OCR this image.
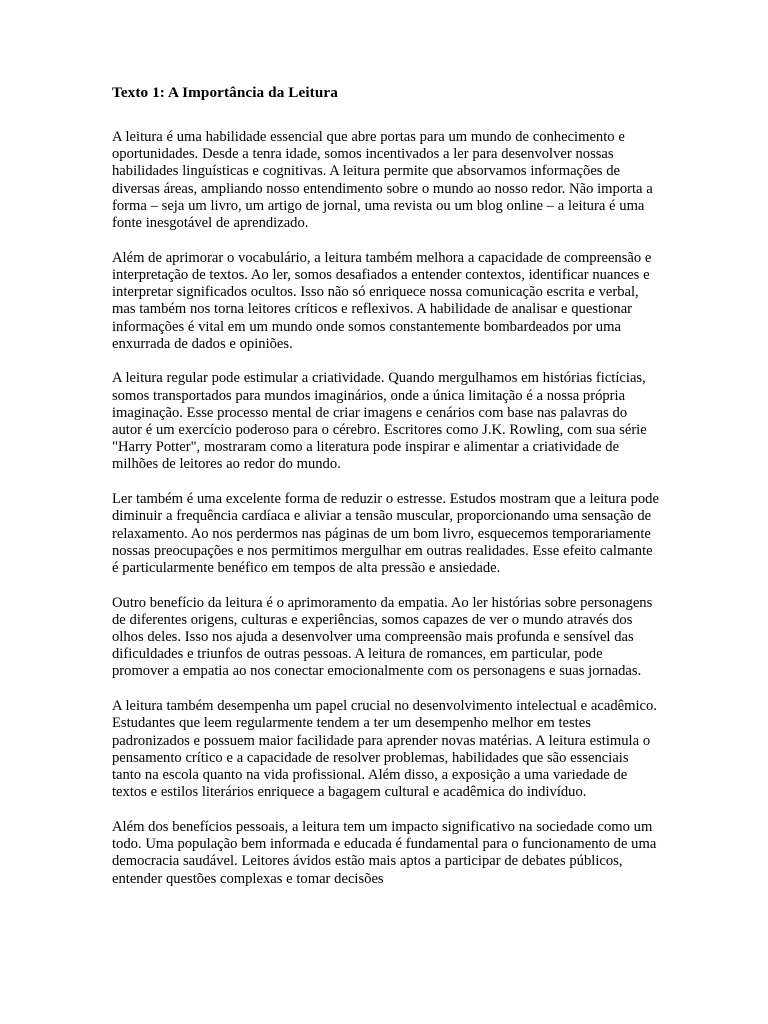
Texto 1: A Importância da Leitura

A leitura é uma habilidade essencial que abre portas para um mundo de conhecimento e oportunidades. Desde a tenra idade, somos incentivados a ler para desenvolver nossas habilidades linguísticas e cognitivas. A leitura permite que absorvamos informações de diversas áreas, ampliando nosso entendimento sobre o mundo ao nosso redor. Não importa a forma – seja um livro, um artigo de jornal, uma revista ou um blog online – a leitura é uma fonte inesgotável de aprendizado.

Além de aprimorar o vocabulário, a leitura também melhora a capacidade de compreensão e interpretação de textos. Ao ler, somos desafiados a entender contextos, identificar nuances e interpretar significados ocultos. Isso não só enriquece nossa comunicação escrita e verbal, mas também nos torna leitores críticos e reflexivos. A habilidade de analisar e questionar informações é vital em um mundo onde somos constantemente bombardeados por uma enxurrada de dados e opiniões.

A leitura regular pode estimular a criatividade. Quando mergulhamos em histórias fictícias, somos transportados para mundos imaginários, onde a única limitação é a nossa própria imaginação. Esse processo mental de criar imagens e cenários com base nas palavras do autor é um exercício poderoso para o cérebro. Escritores como J.K. Rowling, com sua série "Harry Potter", mostraram como a literatura pode inspirar e alimentar a criatividade de milhões de leitores ao redor do mundo.

Ler também é uma excelente forma de reduzir o estresse. Estudos mostram que a leitura pode diminuir a frequência cardíaca e aliviar a tensão muscular, proporcionando uma sensação de relaxamento. Ao nos perdermos nas páginas de um bom livro, esquecemos temporariamente nossas preocupações e nos permitimos mergulhar em outras realidades. Esse efeito calmante é particularmente benéfico em tempos de alta pressão e ansiedade.

Outro benefício da leitura é o aprimoramento da empatia. Ao ler histórias sobre personagens de diferentes origens, culturas e experiências, somos capazes de ver o mundo através dos olhos deles. Isso nos ajuda a desenvolver uma compreensão mais profunda e sensível das dificuldades e triunfos de outras pessoas. A leitura de romances, em particular, pode promover a empatia ao nos conectar emocionalmente com os personagens e suas jornadas.

A leitura também desempenha um papel crucial no desenvolvimento intelectual e acadêmico. Estudantes que leem regularmente tendem a ter um desempenho melhor em testes padronizados e possuem maior facilidade para aprender novas matérias. A leitura estimula o pensamento crítico e a capacidade de resolver problemas, habilidades que são essenciais tanto na escola quanto na vida profissional. Além disso, a exposição a uma variedade de textos e estilos literários enriquece a bagagem cultural e acadêmica do indivíduo.

Além dos benefícios pessoais, a leitura tem um impacto significativo na sociedade como um todo. Uma população bem informada e educada é fundamental para o funcionamento de uma democracia saudável. Leitores ávidos estão mais aptos a participar de debates públicos, entender questões complexas e tomar decisões
